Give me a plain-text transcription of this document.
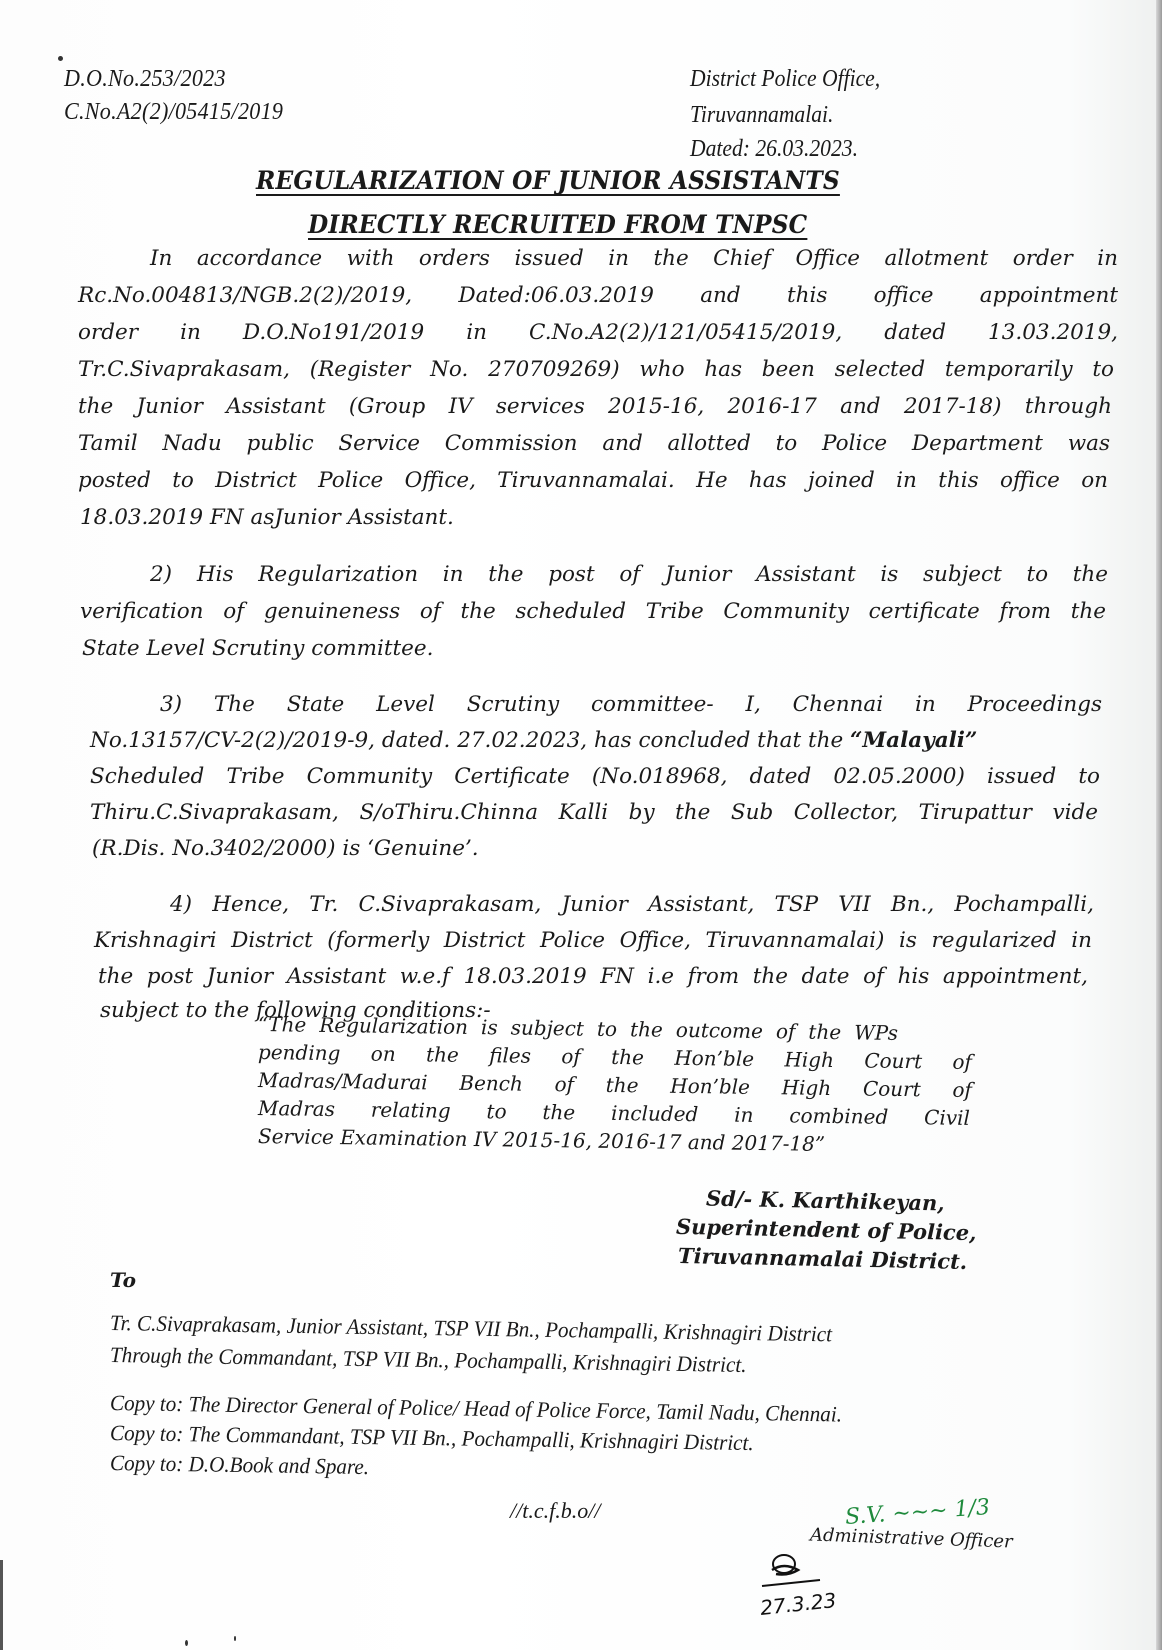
D.O.No.253/2023
C.No.A2(2)/05415/2019
District Police Office,
Tiruvannamalai.
Dated: 26.03.2023.
REGULARIZATION OF JUNIOR ASSISTANTS
DIRECTLY RECRUITED FROM TNPSC
In accordance with orders issued in the Chief Office allotment order in
Rc.No.004813/NGB.2(2)/2019, Dated:06.03.2019 and this office appointment
order in D.O.No191/2019 in C.No.A2(2)/121/05415/2019, dated 13.03.2019,
Tr.C.Sivaprakasam, (Register No. 270709269) who has been selected temporarily to
the Junior Assistant (Group IV services 2015-16, 2016-17 and 2017-18) through
Tamil Nadu public Service Commission and allotted to Police Department was
posted to District Police Office, Tiruvannamalai. He has joined in this office on
18.03.2019 FN asJunior Assistant.
2) His Regularization in the post of Junior Assistant is subject to the
verification of genuineness of the scheduled Tribe Community certificate from the
State Level Scrutiny committee.
3) The State Level Scrutiny committee- I, Chennai in Proceedings
No.13157/CV-2(2)/2019-9, dated. 27.02.2023, has concluded that the “Malayali”
Scheduled Tribe Community Certificate (No.018968, dated 02.05.2000) issued to
Thiru.C.Sivaprakasam, S/oThiru.Chinna Kalli by the Sub Collector, Tirupattur vide
(R.Dis. No.3402/2000) is ‘Genuine’.
4) Hence, Tr. C.Sivaprakasam, Junior Assistant, TSP VII Bn., Pochampalli,
Krishnagiri District (formerly District Police Office, Tiruvannamalai) is regularized in
the post Junior Assistant w.e.f 18.03.2019 FN i.e from the date of his appointment,
subject to the following conditions:-
“The Regularization is subject to the outcome of the WPs
pending on the files of the Hon’ble High Court of
Madras/Madurai Bench of the Hon’ble High Court of
Madras relating to the included in combined Civil
Service Examination IV 2015-16, 2016-17 and 2017-18”
Sd/- K. Karthikeyan,
Superintendent of Police,
Tiruvannamalai District.
To
Tr. C.Sivaprakasam, Junior Assistant, TSP VII Bn., Pochampalli, Krishnagiri District
Through the Commandant, TSP VII Bn., Pochampalli, Krishnagiri District.
Copy to: The Director General of Police/ Head of Police Force, Tamil Nadu, Chennai.
Copy to: The Commandant, TSP VII Bn., Pochampalli, Krishnagiri District.
Copy to: D.O.Book and Spare.
//t.c.f.b.o//	S.V. ~~~ 1/3
Administrative Officer
27.3.23
